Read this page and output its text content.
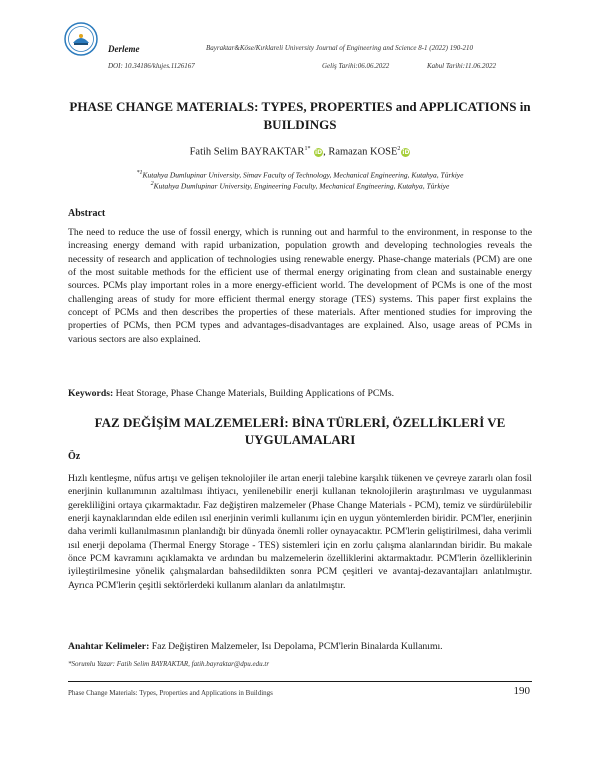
Derleme	Bayraktar&Köse/Kırklareli University Journal of Engineering and Science 8-1 (2022) 190-210
DOI: 10.34186/klujes.1126167	Geliş Tarihi:06.06.2022	Kabul Tarihi:11.06.2022
PHASE CHANGE MATERIALS: TYPES, PROPERTIES and APPLICATIONS in BUILDINGS
Fatih Selim $BAYRAKTAR^{1*}$ iD, Ramazan KOSE$^2$ iD
$^{*1}$Kutahya Dumlupinar University, Simav Faculty of Technology, Mechanical Engineering, Kutahya, Türkiye
$^2$Kutahya Dumlupinar University, Engineering Faculty, Mechanical Engineering, Kutahya, Türkiye
Abstract

The need to reduce the use of fossil energy, which is running out and harmful to the environment, in response to the increasing energy demand with rapid urbanization, population growth and developing technologies reveals the necessity of research and application of technologies using renewable energy. Phase-change materials (PCM) are one of the most suitable methods for the efficient use of thermal energy originating from clean and sustainable energy sources. PCMs play important roles in a more energy-efficient world. The development of PCMs is one of the most challenging areas of study for more efficient thermal energy storage (TES) systems. This paper first explains the concept of PCMs and then describes the properties of these materials. After mentioned studies for improving the properties of PCMs, then PCM types and advantages-disadvantages are explained. Also, usage areas of PCMs in various sectors are also explained.

Keywords: Heat Storage, Phase Change Materials, Building Applications of PCMs.
FAZ DEĞİŞİM MALZEMELERİ: BİNA TÜRLERİ, ÖZELLİKLERİ VE UYGULAMALARI
Öz

Hızlı kentleşme, nüfus artışı ve gelişen teknolojiler ile artan enerji talebine karşılık tükenen ve çevreye zararlı olan fosil enerjinin kullanımının azaltılması ihtiyacı, yenilenebilir enerji kullanan teknolojilerin araştırılması ve uygulanması gerekliliğini ortaya çıkarmaktadır. Faz değiştiren malzemeler (Phase Change Materials - PCM), temiz ve sürdürülebilir enerji kaynaklarından elde edilen ısıl enerjinin verimli kullanımı için en uygun yöntemlerden biridir. PCM'ler, enerjinin daha verimli kullanılmasının planlandığı bir dünyada önemli roller oynayacaktır. PCM'lerin geliştirilmesi, daha verimli ısıl enerji depolama (Thermal Energy Storage - TES) sistemleri için en zorlu çalışma alanlarından biridir. Bu makale önce PCM kavramını açıklamakta ve ardından bu malzemelerin özelliklerini aktarmaktadır. PCM'lerin özelliklerinin iyileştirilmesine yönelik çalışmalardan bahsedildikten sonra PCM çeşitleri ve avantaj-dezavantajları anlatılmıştır. Ayrıca PCM'lerin çeşitli sektörlerdeki kullanım alanları da anlatılmıştır.

Anahtar Kelimeler: Faz Değiştiren Malzemeler, Isı Depolama, PCM'lerin Binalarda Kullanımı.
*Sorumlu Yazar: Fatih Selim BAYRAKTAR, fatih.bayraktar@dpu.edu.tr
Phase Change Materials: Types, Properties and Applications in Buildings	190
